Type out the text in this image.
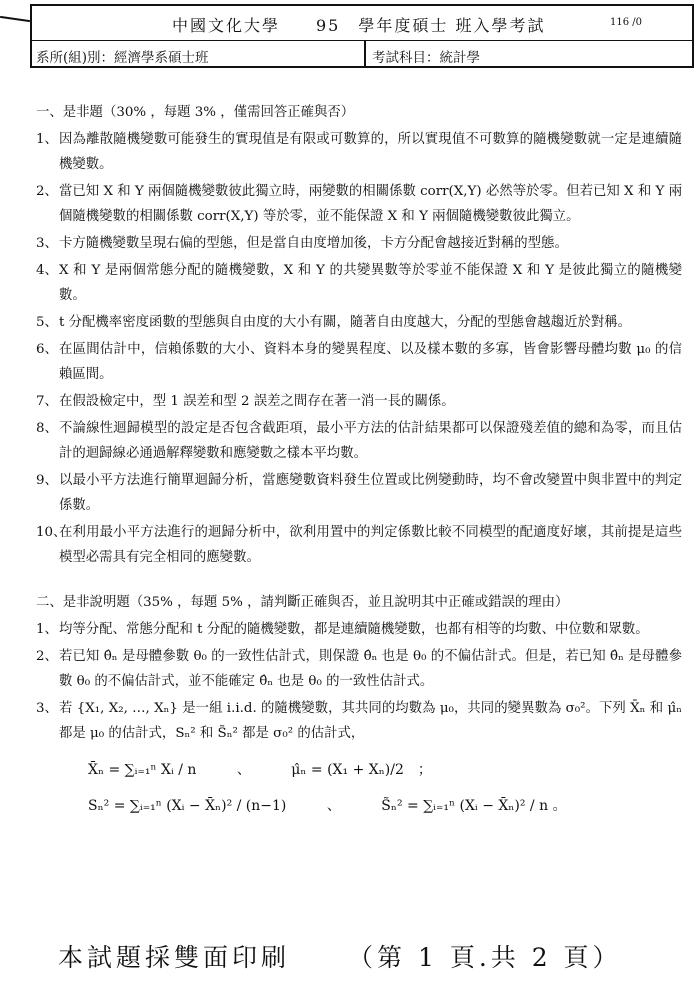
中國文化大學　　95　學年度碩士 班入學考試	116 /0
系所(組)別：經濟學系碩士班	考試科目：統計學

一、是非題（30% ，每題 3% ，僅需回答正確與否）

1、 因為離散隨機變數可能發生的實現值是有限或可數算的，所以實現值不可數算的隨機變數就一定是連續隨機變數。

2、 當已知 X 和 Y 兩個隨機變數彼此獨立時，兩變數的相關係數 corr(X,Y) 必然等於零。但若已知 X 和 Y 兩個隨機變數的相關係數 corr(X,Y) 等於零，並不能保證 X 和 Y 兩個隨機變數彼此獨立。

3、 卡方隨機變數呈現右偏的型態，但是當自由度增加後，卡方分配會越接近對稱的型態。

4、 X 和 Y 是兩個常態分配的隨機變數，X 和 Y 的共變異數等於零並不能保證 X 和 Y 是彼此獨立的隨機變數。

5、 t 分配機率密度函數的型態與自由度的大小有關，隨著自由度越大，分配的型態會越趨近於對稱。

6、 在區間估計中，信賴係數的大小、資料本身的變異程度、以及樣本數的多寡，皆會影響母體均數 μ₀ 的信賴區間。

7、 在假設檢定中，型 1 誤差和型 2 誤差之間存在著一消一長的關係。

8、 不論線性迴歸模型的設定是否包含截距項，最小平方法的估計結果都可以保證殘差值的總和為零，而且估計的迴歸線必通過解釋變數和應變數之樣本平均數。

9、 以最小平方法進行簡單迴歸分析，當應變數資料發生位置或比例變動時，均不會改變置中與非置中的判定係數。

10、
在利用最小平方法進行的迴歸分析中，欲利用置中的判定係數比較不同模型的配適度好壞，其前提是這些模型必需具有完全相同的應變數。

二、是非說明題（35% ，每題 5% ，請判斷正確與否，並且說明其中正確或錯誤的理由）

1、 均等分配、常態分配和 t 分配的隨機變數，都是連續隨機變數，也都有相等的均數、中位數和眾數。

2、 若已知 θ̂ₙ 是母體參數 θ₀ 的一致性估計式，則保證 θ̂ₙ 也是 θ₀ 的不偏估計式。但是，若已知 θ̂ₙ 是母體參數 θ₀ 的不偏估計式，並不能確定 θ̂ₙ 也是 θ₀ 的一致性估計式。

3、 若 {X₁, X₂, …, Xₙ} 是一組 i.i.d. 的隨機變數，其共同的均數為 μ₀，共同的變異數為 σ₀²。下列 X̄ₙ 和 μ̂ₙ 都是 μ₀ 的估計式，Sₙ² 和 S̃ₙ² 都是 σ₀² 的估計式，

X̄ₙ = ∑ᵢ₌₁ⁿ Xᵢ / n	、	μ̂ₙ = (X₁ + Xₙ)/2　；
Sₙ² = ∑ᵢ₌₁ⁿ (Xᵢ − X̄ₙ)² / (n−1)	、	S̃ₙ² = ∑ᵢ₌₁ⁿ (Xᵢ − X̄ₙ)² / n 。
本試題採雙面印刷 （第 1 頁.共 2 頁）
